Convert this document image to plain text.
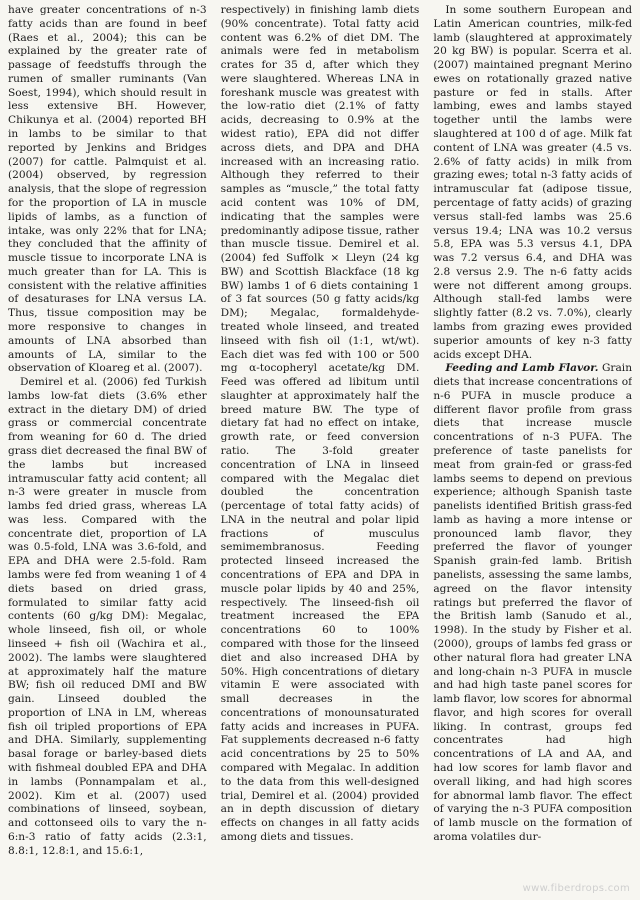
have greater concentrations of n-3 fatty acids than are found in beef (Raes et al., 2004); this can be explained by the greater rate of passage of feedstuffs through the rumen of smaller ruminants (Van Soest, 1994), which should result in less extensive BH. However, Chikunya et al. (2004) reported BH in lambs to be similar to that reported by Jenkins and Bridges (2007) for cattle. Palmquist et al. (2004) observed, by regression analysis, that the slope of regression for the proportion of LA in muscle lipids of lambs, as a function of intake, was only 22% that for LNA; they concluded that the affinity of muscle tissue to incorporate LNA is much greater than for LA. This is consistent with the relative affinities of desaturases for LNA versus LA. Thus, tissue composition may be more responsive to changes in amounts of LNA absorbed than amounts of LA, similar to the observation of Kloareg et al. (2007).

Demirel et al. (2006) fed Turkish lambs low-fat diets (3.6% ether extract in the dietary DM) of dried grass or commercial concentrate from weaning for 60 d. The dried grass diet decreased the final BW of the lambs but increased intramuscular fatty acid content; all n-3 were greater in muscle from lambs fed dried grass, whereas LA was less. Compared with the concentrate diet, proportion of LA was 0.5-fold, LNA was 3.6-fold, and EPA and DHA were 2.5-fold. Ram lambs were fed from weaning 1 of 4 diets based on dried grass, formulated to similar fatty acid contents (60 g/kg DM): Megalac, whole linseed, fish oil, or whole linseed + fish oil (Wachira et al., 2002). The lambs were slaughtered at approximately half the mature BW; fish oil reduced DMI and BW gain. Linseed doubled the proportion of LNA in LM, whereas fish oil tripled proportions of EPA and DHA. Similarly, supplementing basal forage or barley-based diets with fishmeal doubled EPA and DHA in lambs (Ponnampalam et al., 2002). Kim et al. (2007) used combinations of linseed, soybean, and cottonseed oils to vary the n-6:n-3 ratio of fatty acids (2.3:1, 8.8:1, 12.8:1, and 15.6:1,

respectively) in finishing lamb diets (90% concentrate). Total fatty acid content was 6.2% of diet DM. The animals were fed in metabolism crates for 35 d, after which they were slaughtered. Whereas LNA in foreshank muscle was greatest with the low-ratio diet (2.1% of fatty acids, decreasing to 0.9% at the widest ratio), EPA did not differ across diets, and DPA and DHA increased with an increasing ratio. Although they referred to their samples as “muscle,” the total fatty acid content was 10% of DM, indicating that the samples were predominantly adipose tissue, rather than muscle tissue. Demirel et al. (2004) fed Suffolk × Lleyn (24 kg BW) and Scottish Blackface (18 kg BW) lambs 1 of 6 diets containing 1 of 3 fat sources (50 g fatty acids/kg DM); Megalac, formaldehyde-treated whole linseed, and treated linseed with fish oil (1:1, wt/wt). Each diet was fed with 100 or 500 mg α-tocopheryl acetate/kg DM. Feed was offered ad libitum until slaughter at approximately half the breed mature BW. The type of dietary fat had no effect on intake, growth rate, or feed conversion ratio. The 3-fold greater concentration of LNA in linseed compared with the Megalac diet doubled the concentration (percentage of total fatty acids) of LNA in the neutral and polar lipid fractions of musculus semimembranosus. Feeding protected linseed increased the concentrations of EPA and DPA in muscle polar lipids by 40 and 25%, respectively. The linseed-fish oil treatment increased the EPA concentrations 60 to 100% compared with those for the linseed diet and also increased DHA by 50%. High concentrations of dietary vitamin E were associated with small decreases in the concentrations of monounsaturated fatty acids and increases in PUFA. Fat supplements decreased n-6 fatty acid concentrations by 25 to 50% compared with Megalac. In addition to the data from this well-designed trial, Demirel et al. (2004) provided an in depth discussion of dietary effects on changes in all fatty acids among diets and tissues.

In some southern European and Latin American countries, milk-fed lamb (slaughtered at approximately 20 kg BW) is popular. Scerra et al. (2007) maintained pregnant Merino ewes on rotationally grazed native pasture or fed in stalls. After lambing, ewes and lambs stayed together until the lambs were slaughtered at 100 d of age. Milk fat content of LNA was greater (4.5 vs. 2.6% of fatty acids) in milk from grazing ewes; total n-3 fatty acids of intramuscular fat (adipose tissue, percentage of fatty acids) of grazing versus stall-fed lambs was 25.6 versus 19.4; LNA was 10.2 versus 5.8, EPA was 5.3 versus 4.1, DPA was 7.2 versus 6.4, and DHA was 2.8 versus 2.9. The n-6 fatty acids were not different among groups. Although stall-fed lambs were slightly fatter (8.2 vs. 7.0%), clearly lambs from grazing ewes provided superior amounts of key n-3 fatty acids except DHA.

Feeding and Lamb Flavor. Grain diets that increase concentrations of n-6 PUFA in muscle produce a different flavor profile from grass diets that increase muscle concentrations of n-3 PUFA. The preference of taste panelists for meat from grain-fed or grass-fed lambs seems to depend on previous experience; although Spanish taste panelists identified British grass-fed lamb as having a more intense or pronounced lamb flavor, they preferred the flavor of younger Spanish grain-fed lamb. British panelists, assessing the same lambs, agreed on the flavor intensity ratings but preferred the flavor of the British lamb (Sanudo et al., 1998). In the study by Fisher et al. (2000), groups of lambs fed grass or other natural flora had greater LNA and long-chain n-3 PUFA in muscle and had high taste panel scores for lamb flavor, low scores for abnormal flavor, and high scores for overall liking. In contrast, groups fed concentrates had high concentrations of LA and AA, and had low scores for lamb flavor and overall liking, and had high scores for abnormal lamb flavor. The effect of varying the n-3 PUFA composition of lamb muscle on the formation of aroma volatiles dur-

www.fiberdrops.com
